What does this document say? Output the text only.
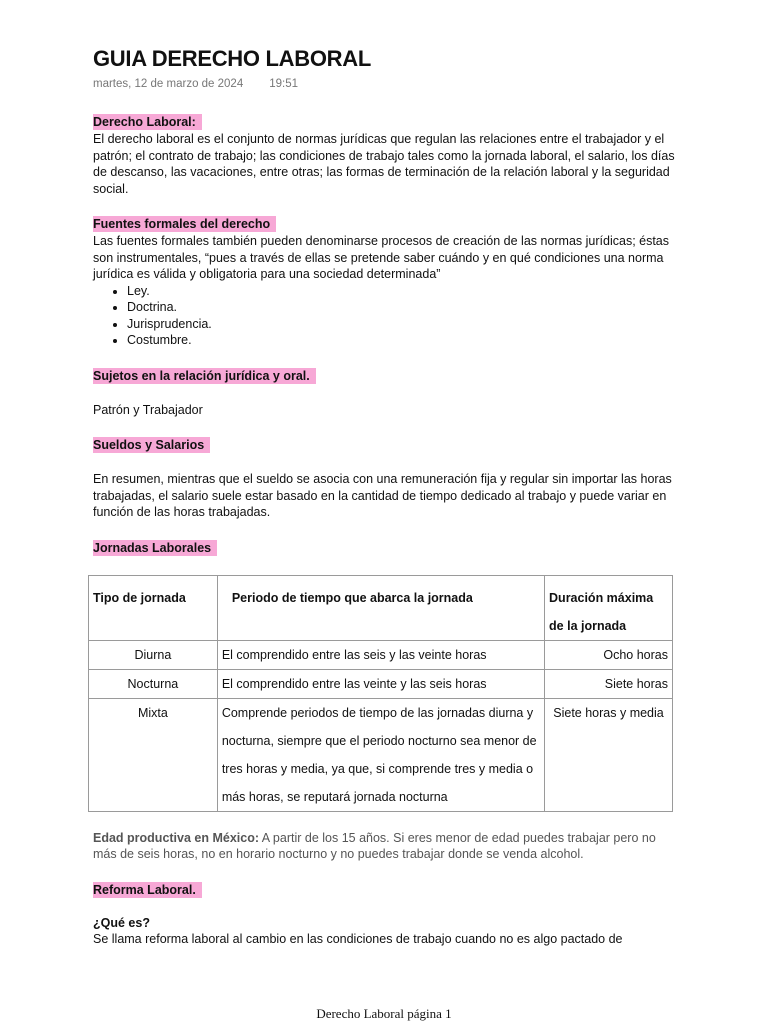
GUIA DERECHO LABORAL
martes, 12 de marzo de 2024 19:51
Derecho Laboral:

El derecho laboral es el conjunto de normas jurídicas que regulan las relaciones entre el trabajador y el patrón; el contrato de trabajo; las condiciones de trabajo tales como la jornada laboral, el salario, los días de descanso, las vacaciones, entre otras; las formas de terminación de la relación laboral y la seguridad social.

Fuentes formales del derecho

Las fuentes formales también pueden denominarse procesos de creación de las normas jurídicas; éstas son instrumentales, “pues a través de ellas se pretende saber cuándo y en qué condiciones una norma jurídica es válida y obligatoria para una sociedad determinada”

• Ley.
• Doctrina.
• Jurisprudencia.
• Costumbre.
Sujetos en la relación jurídica y oral.

Patrón y Trabajador

Sueldos y Salarios

En resumen, mientras que el sueldo se asocia con una remuneración fija y regular sin importar las horas trabajadas, el salario suele estar basado en la cantidad de tiempo dedicado al trabajo y puede variar en función de las horas trabajadas.

Jornadas Laborales
Tipo de jornada	Periodo de tiempo que abarca la jornada	Duración máxima de la jornada
Diurna	El comprendido entre las seis y las veinte horas	Ocho horas
Nocturna	El comprendido entre las veinte y las seis horas	Siete horas
Mixta	Comprende periodos de tiempo de las jornadas diurna y nocturna, siempre que el periodo nocturno sea menor de tres horas y media, ya que, si comprende tres y media o más horas, se reputará jornada nocturna	Siete horas y media

Edad productiva en México: A partir de los 15 años. Si eres menor de edad puedes trabajar pero no más de seis horas, no en horario nocturno y no puedes trabajar donde se venda alcohol.

Reforma Laboral.

¿Qué es?

Se llama reforma laboral al cambio en las condiciones de trabajo cuando no es algo pactado de

Derecho Laboral página 1
